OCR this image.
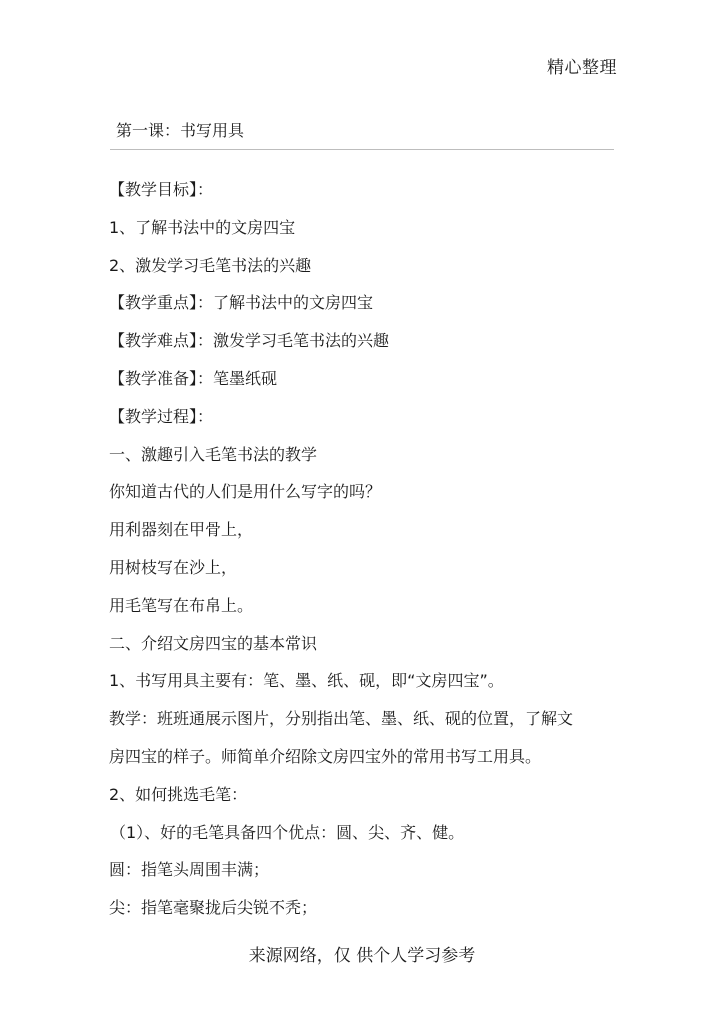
精心整理
第一课：书写用具
【教学目标】：
1、了解书法中的文房四宝
2、激发学习毛笔书法的兴趣
【教学重点】：了解书法中的文房四宝
【教学难点】：激发学习毛笔书法的兴趣
【教学准备】：笔墨纸砚
【教学过程】：
一、激趣引入毛笔书法的教学
你知道古代的人们是用什么写字的吗？
用利器刻在甲骨上，
用树枝写在沙上，
用毛笔写在布帛上。
二、介绍文房四宝的基本常识
1、书写用具主要有：笔、墨、纸、砚，即“文房四宝”。
教学：班班通展示图片，分别指出笔、墨、纸、砚的位置，了解文
房四宝的样子。师简单介绍除文房四宝外的常用书写工用具。
2、如何挑选毛笔：
（1）、好的毛笔具备四个优点：圆、尖、齐、健。
圆：指笔头周围丰满；
尖：指笔毫聚拢后尖锐不秃；
来源网络，仅 供个人学习参考
